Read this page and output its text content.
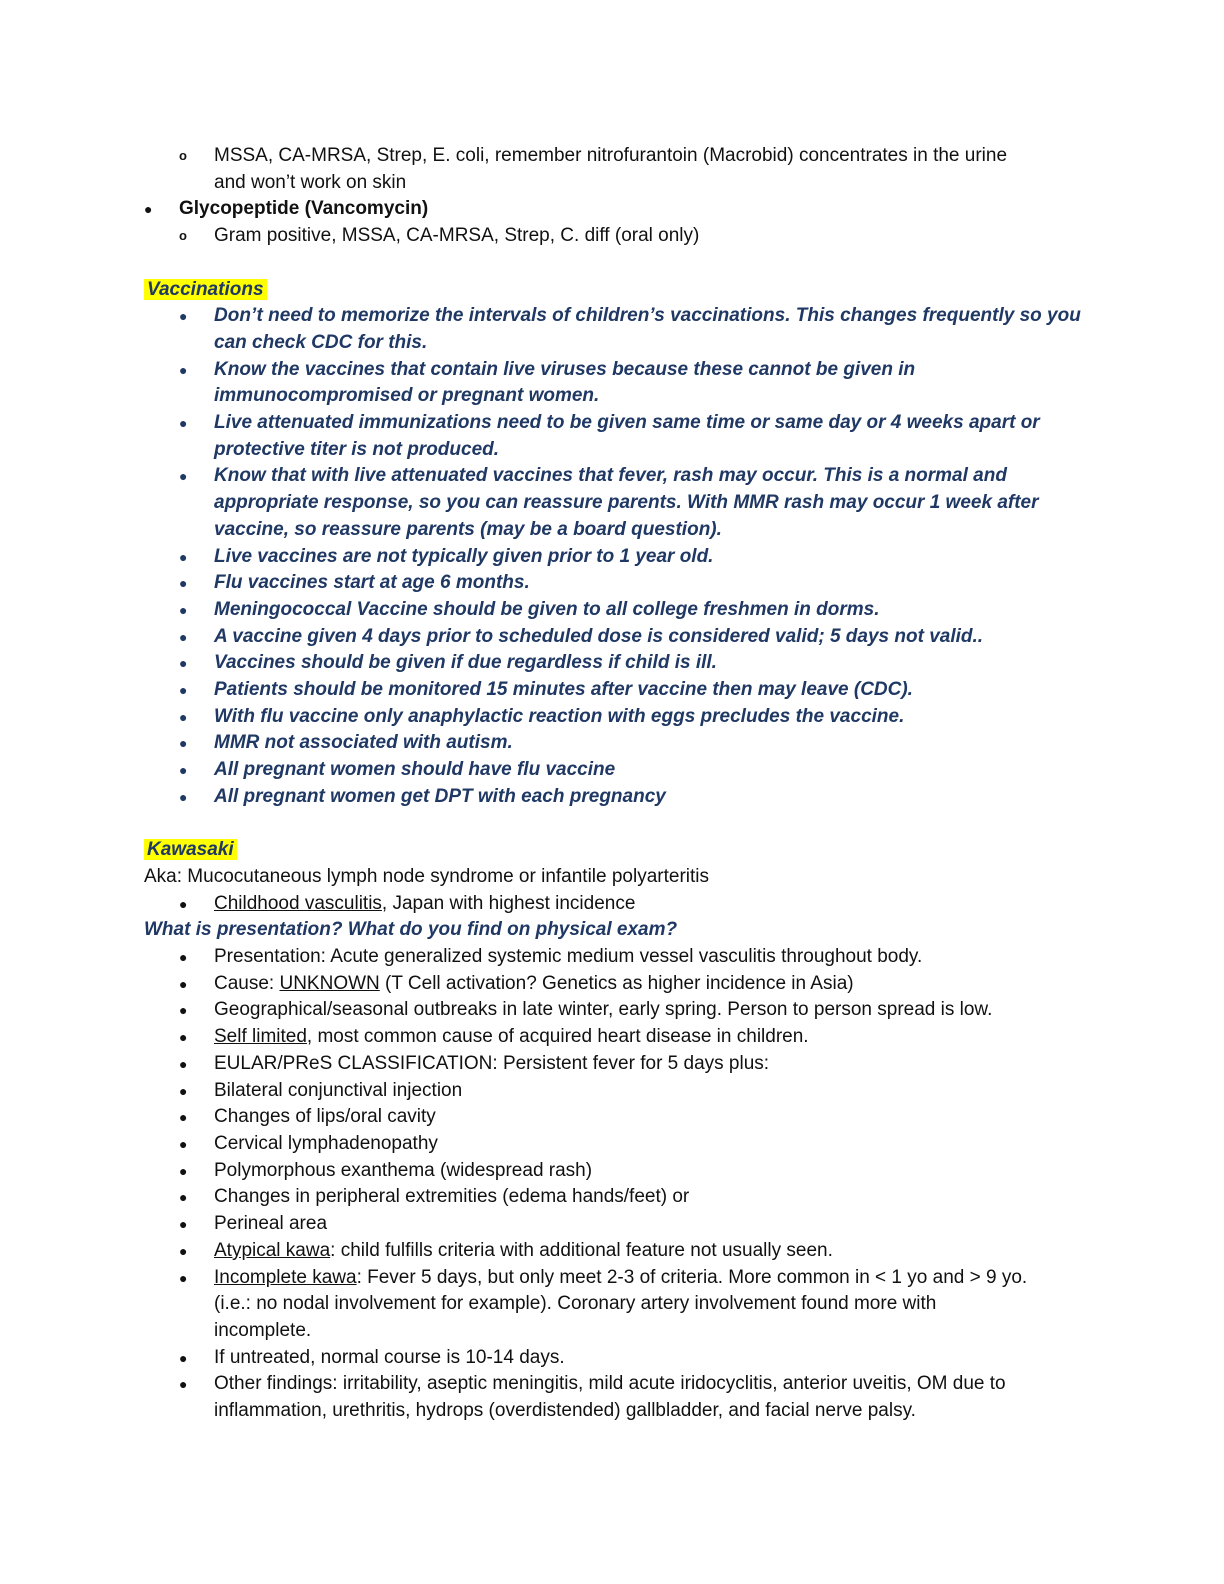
o MSSA, CA-MRSA, Strep, E. coli, remember nitrofurantoin (Macrobid) concentrates in the urine
and won’t work on skin
● Glycopeptide (Vancomycin)
o Gram positive, MSSA, CA-MRSA, Strep, C. diff (oral only)
Vaccinations
● Don’t need to memorize the intervals of children’s vaccinations. This changes frequently so you
can check CDC for this.
● Know the vaccines that contain live viruses because these cannot be given in
immunocompromised or pregnant women.
● Live attenuated immunizations need to be given same time or same day or 4 weeks apart or
protective titer is not produced.
● Know that with live attenuated vaccines that fever, rash may occur. This is a normal and
appropriate response, so you can reassure parents. With MMR rash may occur 1 week after
vaccine, so reassure parents (may be a board question).
● Live vaccines are not typically given prior to 1 year old.
● Flu vaccines start at age 6 months.
● Meningococcal Vaccine should be given to all college freshmen in dorms.
● A vaccine given 4 days prior to scheduled dose is considered valid; 5 days not valid..
● Vaccines should be given if due regardless if child is ill.
● Patients should be monitored 15 minutes after vaccine then may leave (CDC).
● With flu vaccine only anaphylactic reaction with eggs precludes the vaccine.
● MMR not associated with autism.
● All pregnant women should have flu vaccine
● All pregnant women get DPT with each pregnancy
Kawasaki
Aka: Mucocutaneous lymph node syndrome or infantile polyarteritis
● Childhood vasculitis, Japan with highest incidence
What is presentation? What do you find on physical exam?
● Presentation: Acute generalized systemic medium vessel vasculitis throughout body.
● Cause: UNKNOWN (T Cell activation? Genetics as higher incidence in Asia)
● Geographical/seasonal outbreaks in late winter, early spring. Person to person spread is low.
● Self limited, most common cause of acquired heart disease in children.
● EULAR/PReS CLASSIFICATION: Persistent fever for 5 days plus:
● Bilateral conjunctival injection
● Changes of lips/oral cavity
● Cervical lymphadenopathy
● Polymorphous exanthema (widespread rash)
● Changes in peripheral extremities (edema hands/feet) or
● Perineal area
● Atypical kawa: child fulfills criteria with additional feature not usually seen.
● Incomplete kawa: Fever 5 days, but only meet 2-3 of criteria. More common in < 1 yo and > 9 yo.
(i.e.: no nodal involvement for example). Coronary artery involvement found more with
incomplete.
● If untreated, normal course is 10-14 days.
● Other findings: irritability, aseptic meningitis, mild acute iridocyclitis, anterior uveitis, OM due to
inflammation, urethritis, hydrops (overdistended) gallbladder, and facial nerve palsy.
